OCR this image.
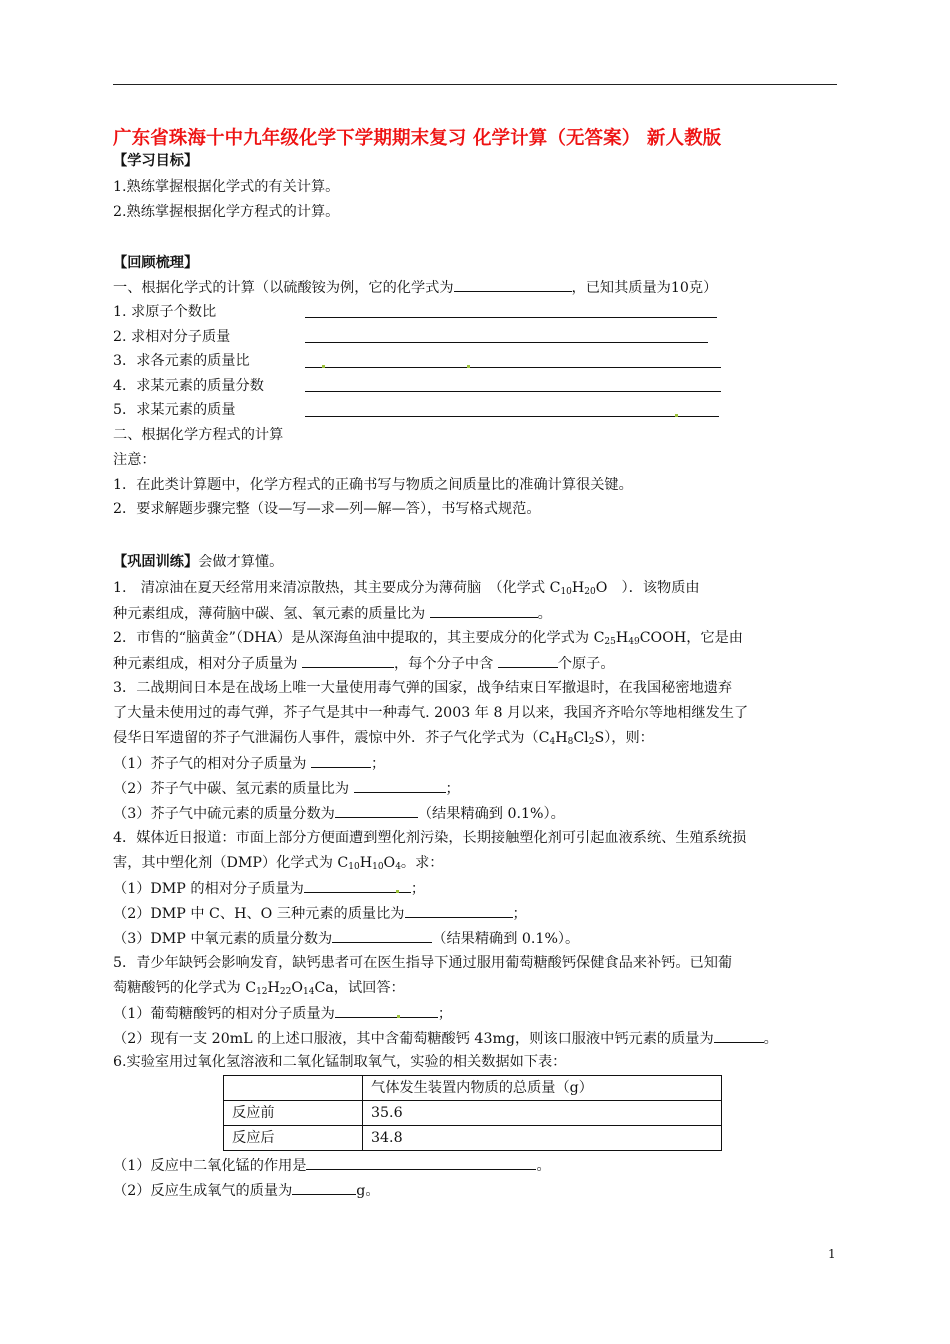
广东省珠海十中九年级化学下学期期末复习 化学计算（无答案） 新人教版
【学习目标】
1.熟练掌握根据化学式的有关计算。
2.熟练掌握根据化学方程式的计算。
【回顾梳理】
一、根据化学式的计算（以硫酸铵为例，它的化学式为	，已知其质量为10克）
1. 求原子个数比
2. 求相对分子质量
3．求各元素的质量比
4．求某元素的质量分数
5．求某元素的质量
二、根据化学方程式的计算
注意：
1．在此类计算题中，化学方程式的正确书写与物质之间质量比的准确计算很关键。
2．要求解题步骤完整（设—写—求—列—解—答），书写格式规范。
【巩固训练】会做才算懂。
1.　清凉油在夏天经常用来清凉散热，其主要成分为薄荷脑　（化学式 $C_{10}H_{20}O$　）．该物质由
种元素组成，薄荷脑中碳、氢、氧元素的质量比为	。
2．市售的“脑黄金”（DHA）是从深海鱼油中提取的，其主要成分的化学式为 $C_{25}H_{49}COOH$，它是由
种元素组成，相对分子质量为	，每个分子中含	个原子。
3．二战期间日本是在战场上唯一大量使用毒气弹的国家，战争结束日军撤退时，在我国秘密地遗弃
了大量未使用过的毒气弹，芥子气是其中一种毒气. 2003 年 8 月以来，我国齐齐哈尔等地相继发生了
侵华日军遗留的芥子气泄漏伤人事件，震惊中外．芥子气化学式为$(C_4H_8Cl_2S)$，则：
（1）芥子气的相对分子质量为	；
（2）芥子气中碳、氢元素的质量比为	；
（3）芥子气中硫元素的质量分数为	（结果精确到 0.1%）。
4．媒体近日报道：市面上部分方便面遭到塑化剂污染，长期接触塑化剂可引起血液系统、生殖系统损
害，其中塑化剂（DMP）化学式为 $C_{10}H_{10}O_4$。求：
（1）DMP 的相对分子质量为	；
（2）DMP 中 C、H、O 三种元素的质量比为	；
（3）DMP 中氧元素的质量分数为	（结果精确到 0.1%）。
5．青少年缺钙会影响发育，缺钙患者可在医生指导下通过服用葡萄糖酸钙保健食品来补钙。已知葡
萄糖酸钙的化学式为 $C_{12}H_{22}O_{14}Ca$，试回答：
（1）葡萄糖酸钙的相对分子质量为	；
（2）现有一支 20mL 的上述口服液，其中含葡萄糖酸钙 43mg，则该口服液中钙元素的质量为	。
6.实验室用过氧化氢溶液和二氧化锰制取氧气，实验的相关数据如下表：
	气体发生装置内物质的总质量（g）
反应前	35.6
反应后	34.8
（1）反应中二氧化锰的作用是	。
（2）反应生成氧气的质量为	g。
1
